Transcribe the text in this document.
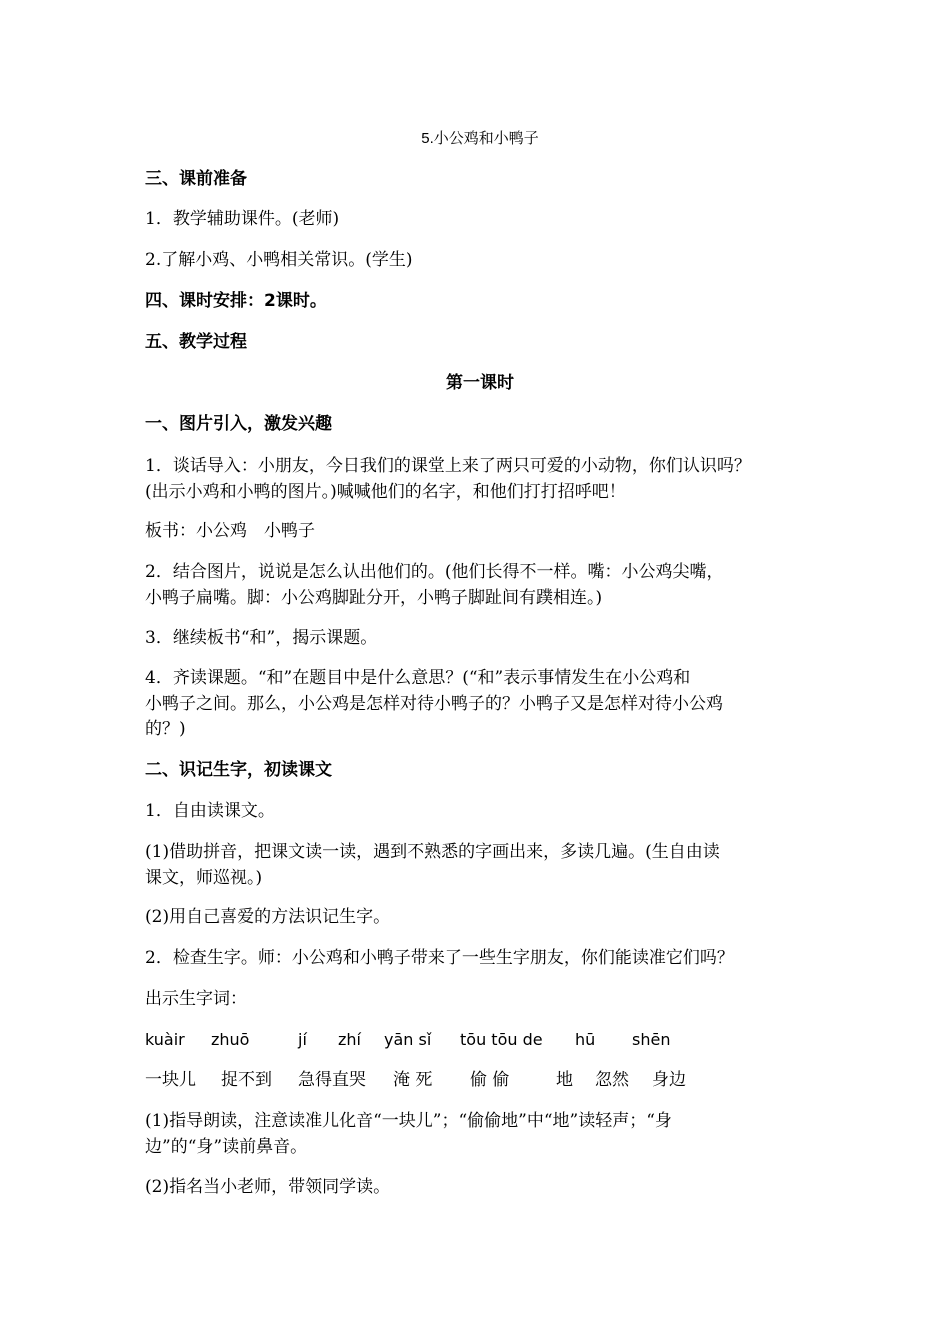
5.小公鸡和小鸭子
三、课前准备
1．教学辅助课件。(老师)
2.了解小鸡、小鸭相关常识。(学生)
四、课时安排：2课时。
五、教学过程
第一课时
一、图片引入，激发兴趣
1．谈话导入：小朋友，今日我们的课堂上来了两只可爱的小动物，你们认识吗？
(出示小鸡和小鸭的图片。)喊喊他们的名字，和他们打打招呼吧！
板书：小公鸡　小鸭子
2．结合图片，说说是怎么认出他们的。(他们长得不一样。嘴：小公鸡尖嘴，
小鸭子扁嘴。脚：小公鸡脚趾分开，小鸭子脚趾间有蹼相连。)
3．继续板书“和”，揭示课题。
4．齐读课题。“和”在题目中是什么意思？(“和”表示事情发生在小公鸡和
小鸭子之间。那么，小公鸡是怎样对待小鸭子的？小鸭子又是怎样对待小公鸡
的？)
二、识记生字，初读课文
1．自由读课文。
(1)借助拼音，把课文读一读，遇到不熟悉的字画出来，多读几遍。(生自由读
课文，师巡视。)
(2)用自己喜爱的方法识记生字。
2．检查生字。师：小公鸡和小鸭子带来了一些生字朋友，你们能读准它们吗？
出示生字词：
kuàir zhuō	jí zhí yān sǐ tōu tōu de hū shēn
一块儿 捉不到 急得直哭 淹 死 偷 偷	地 忽然 身边
(1)指导朗读，注意读准儿化音“一块儿”；“偷偷地”中“地”读轻声；“身
边”的“身”读前鼻音。
(2)指名当小老师，带领同学读。
